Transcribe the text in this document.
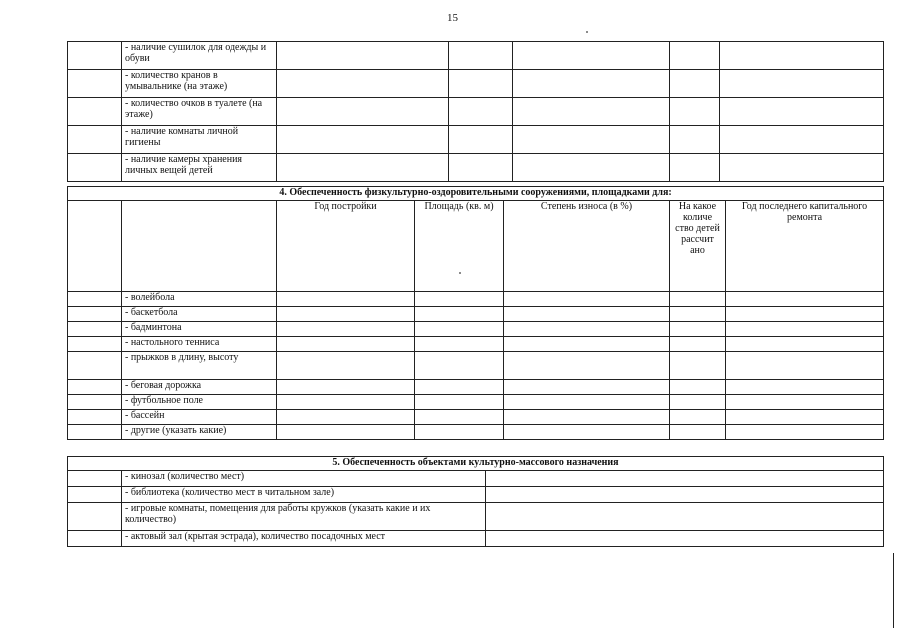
15
	- наличие сушилок для одежды и обуви					
	- количество кранов в умывальнике (на этаже)					
	- количество очков в туалете (на этаже)					
	- наличие комнаты личной гигиены					
	- наличие камеры хранения личных вещей детей					
4. Обеспеченность физкультурно-оздоровительными сооружениями, площадками для:						
		Год постройки	Площадь (кв. м)	Степень износа (в %)	На какое количе ство детей рассчит ано	Год последнего капитального ремонта
	- волейбола					
	- баскетбола					
	- бадминтона					
	- настольного тенниса					
	- прыжков в длину, высоту					
	- беговая дорожка					
	- футбольное поле					
	- бассейн					
	- другие (указать какие)					
5. Обеспеченность объектами культурно-массового назначения		
	- кинозал (количество мест)	
	- библиотека (количество мест в читальном зале)	
	- игровые комнаты, помещения для работы кружков (указать какие и их количество)	
	- актовый зал (крытая эстрада), количество посадочных мест	
